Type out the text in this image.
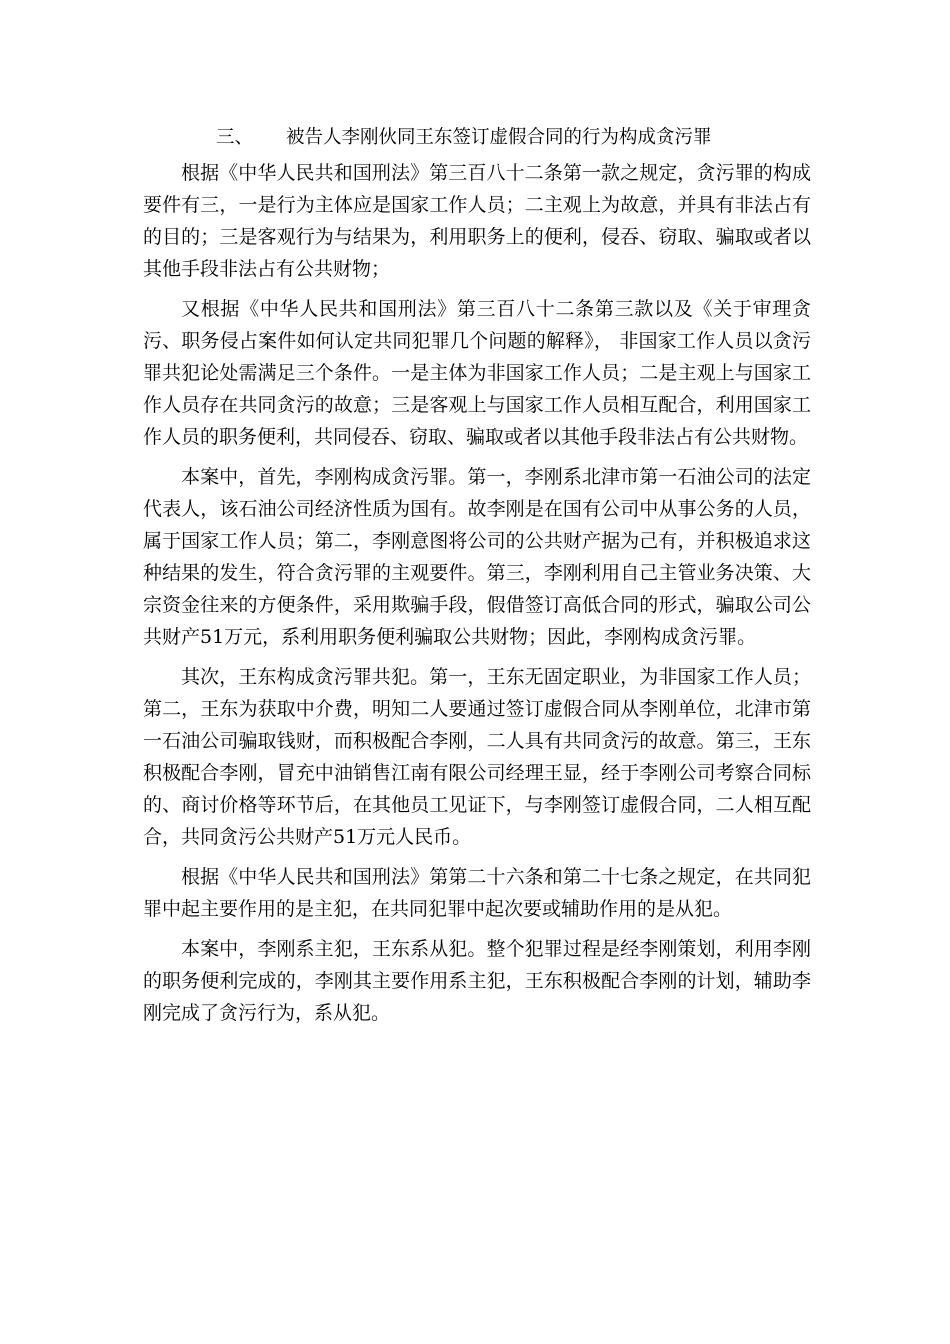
三、 被告人李刚伙同王东签订虚假合同的行为构成贪污罪

根据《中华人民共和国刑法》第三百八十二条第一款之规定，贪污罪的构成要件有三，一是行为主体应是国家工作人员；二主观上为故意，并具有非法占有的目的；三是客观行为与结果为，利用职务上的便利，侵吞、窃取、骗取或者以其他手段非法占有公共财物；

又根据《中华人民共和国刑法》第三百八十二条第三款以及《关于审理贪污、职务侵占案件如何认定共同犯罪几个问题的解释》， 非国家工作人员以贪污罪共犯论处需满足三个条件。一是主体为非国家工作人员；二是主观上与国家工作人员存在共同贪污的故意；三是客观上与国家工作人员相互配合，利用国家工作人员的职务便利，共同侵吞、窃取、骗取或者以其他手段非法占有公共财物。

本案中，首先，李刚构成贪污罪。第一，李刚系北津市第一石油公司的法定代表人，该石油公司经济性质为国有。故李刚是在国有公司中从事公务的人员，属于国家工作人员；第二，李刚意图将公司的公共财产据为己有，并积极追求这种结果的发生，符合贪污罪的主观要件。第三，李刚利用自己主管业务决策、大宗资金往来的方便条件，采用欺骗手段，假借签订高低合同的形式，骗取公司公共财产51万元，系利用职务便利骗取公共财物；因此，李刚构成贪污罪。

其次，王东构成贪污罪共犯。第一，王东无固定职业，为非国家工作人员；第二，王东为获取中介费，明知二人要通过签订虚假合同从李刚单位，北津市第一石油公司骗取钱财，而积极配合李刚，二人具有共同贪污的故意。第三，王东积极配合李刚，冒充中油销售江南有限公司经理王显，经于李刚公司考察合同标的、商讨价格等环节后，在其他员工见证下，与李刚签订虚假合同，二人相互配合，共同贪污公共财产51万元人民币。

根据《中华人民共和国刑法》第第二十六条和第二十七条之规定，在共同犯罪中起主要作用的是主犯，在共同犯罪中起次要或辅助作用的是从犯。

本案中，李刚系主犯，王东系从犯。整个犯罪过程是经李刚策划，利用李刚的职务便利完成的，李刚其主要作用系主犯，王东积极配合李刚的计划，辅助李刚完成了贪污行为，系从犯。
